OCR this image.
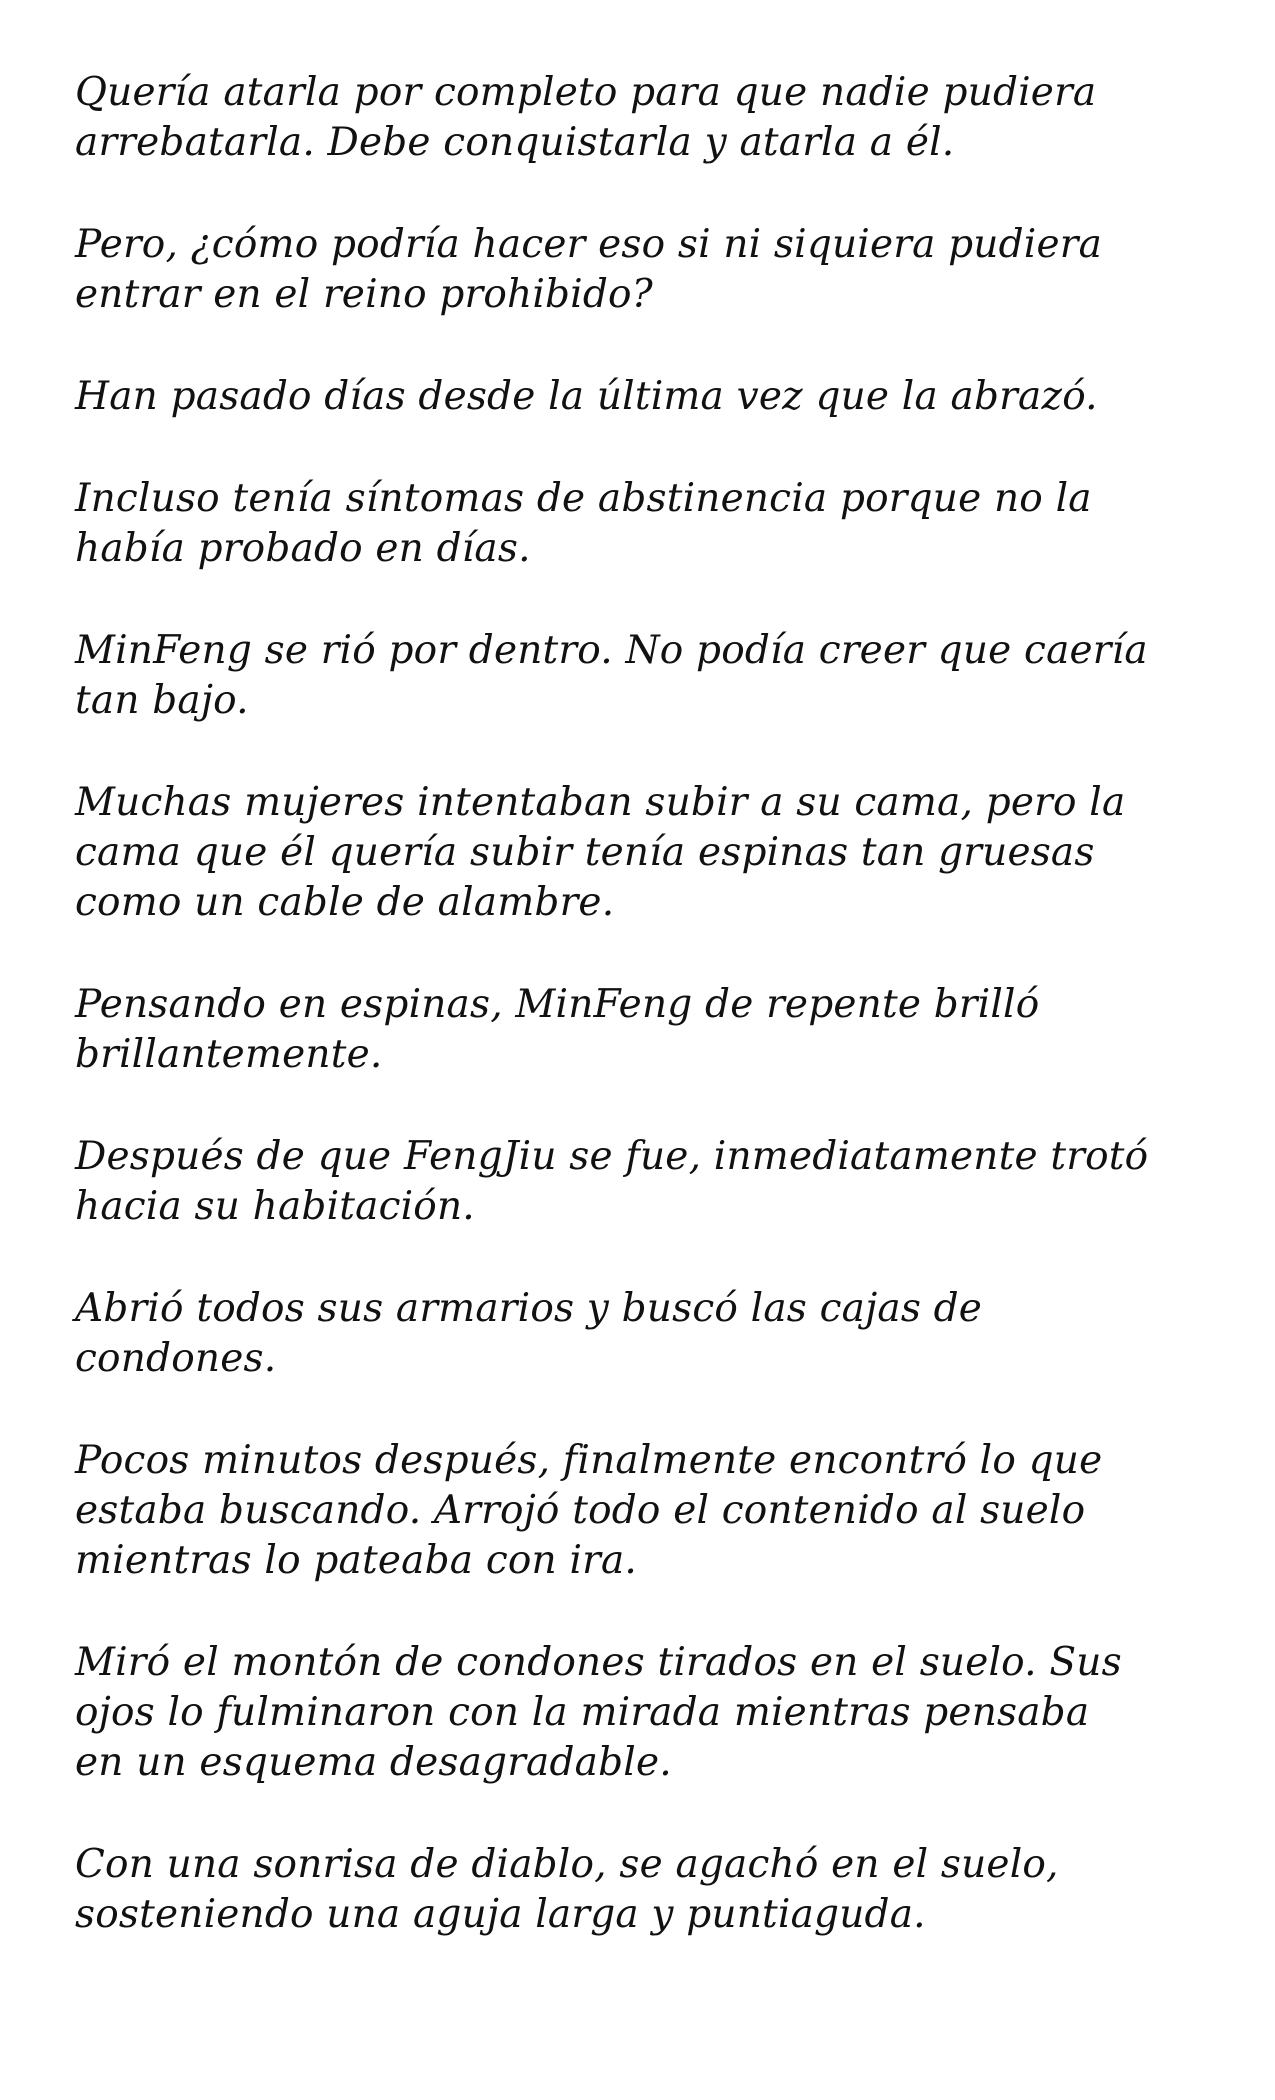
Quería atarla por completo para que nadie pudiera
arrebatarla. Debe conquistarla y atarla a él.

Pero, ¿cómo podría hacer eso si ni siquiera pudiera
entrar en el reino prohibido?

Han pasado días desde la última vez que la abrazó.

Incluso tenía síntomas de abstinencia porque no la
había probado en días.

MinFeng se rió por dentro. No podía creer que caería
tan bajo.

Muchas mujeres intentaban subir a su cama, pero la
cama que él quería subir tenía espinas tan gruesas
como un cable de alambre.

Pensando en espinas, MinFeng de repente brilló
brillantemente.

Después de que FengJiu se fue, inmediatamente trotó
hacia su habitación.

Abrió todos sus armarios y buscó las cajas de
condones.

Pocos minutos después, finalmente encontró lo que
estaba buscando. Arrojó todo el contenido al suelo
mientras lo pateaba con ira.

Miró el montón de condones tirados en el suelo. Sus
ojos lo fulminaron con la mirada mientras pensaba
en un esquema desagradable.

Con una sonrisa de diablo, se agachó en el suelo,
sosteniendo una aguja larga y puntiaguda.
